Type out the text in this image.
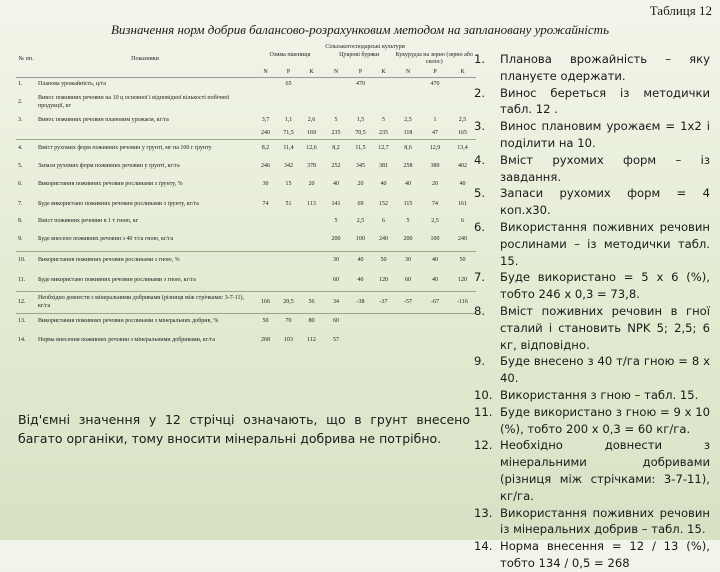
Таблиця 12
Визначення норм добрив балансово-розрахунковим методом на заплановану урожайність
№ пп.	Показники	Сільськогосподарські культури
Озима пшениця Цукрові буряки Кукурудза на зерно (зерно або силос)								

		N	P	K	N	P	K	N	P	K
1.	Планова урожайність, ц/га		65			470			470	
2.	Винос поживних речовин на 10 ц основної і відповідної кількості побічної продукції, кг									
3.	Винос поживних речовин плановим урожаєм, кг/га	3,7	1,1	2,6	5	1,5	5	2,5	1	2,5
		240	71,5	169	235	70,5	235	118	47	165
4.	Вміст рухомих форм поживних речовин у грунті, мг на 100 г ґрунту	8,2	11,4	12,6	8,2	11,5	12,7	8,6	12,9	13,4
5.	Запаси рухомих форм поживних речовин у ґрунті, кг/га	246	342	378	252	345	381	258	389	402
6.	Використання поживних речовин рослинами з ґрунту, %	30	15	20	40	20	40	40	20	40
7.	Буде використано поживних речовин рослинами з ґрунту, кг/га	74	51	113	141	69	152	115	74	161
8.	Вміст поживних речовин в 1 т гною, кг				5	2,5	6	5	2,5	6
9.	Буде внесено поживних речовин з 40 т/га гною, кг/га				200	100	240	200	100	240
10.	Використання поживних речовин рослинами з гною, %				30	40	50	30	40	50
11.	Буде використано поживних речовин рослинами з гною, кг/га				60	40	120	60	40	120
12.	Необхідно довнести з мінеральними добривами (різниця між стрічками: 3-7-11), кг/га	166	20,5	56	34	-38	-37	-57	-67	-116
13.	Використання поживних речовин рослинами з мінеральних добрив, %	50	70	80	60					
14.	Норма внесення поживних речовин з мінеральними добривами, кг/га	268	103	112	57					
Від'ємні значення у 12 стрічці означають, що в грунт внесено багато органіки, тому вносити мінеральні добрива не потрібно.
1. Планова врожайність – яку плануєте одержати.
2. Винос береться із методички табл. 12 .
3. Винос плановим урожаєм = 1х2 і поділити на 10.
4. Вміст рухомих форм – із завдання.
5. Запаси рухомих форм = 4 коп.х30.
6. Використання поживних речовин рослинами – із методички табл. 15.
7. Буде використано = 5 х 6 (%), тобто 246 х 0,3 = 73,8.
8. Вміст поживних речовин в гної сталий і становить NPK 5; 2,5; 6 кг, відповідно.
9. Буде внесено з 40 т/га гною = 8 х 40.
10. Використання з гною – табл. 15.
11. Буде використано з гною = 9 х 10 (%), тобто 200 х 0,3 = 60 кг/га.
12. Необхідно довнести з мінеральними добривами (різниця між стрічками: 3-7-11), кг/га.
13. Використання поживних речовин із мінеральних добрив – табл. 15.
14. Норма внесення = 12 / 13 (%), тобто 134 / 0,5 = 268
